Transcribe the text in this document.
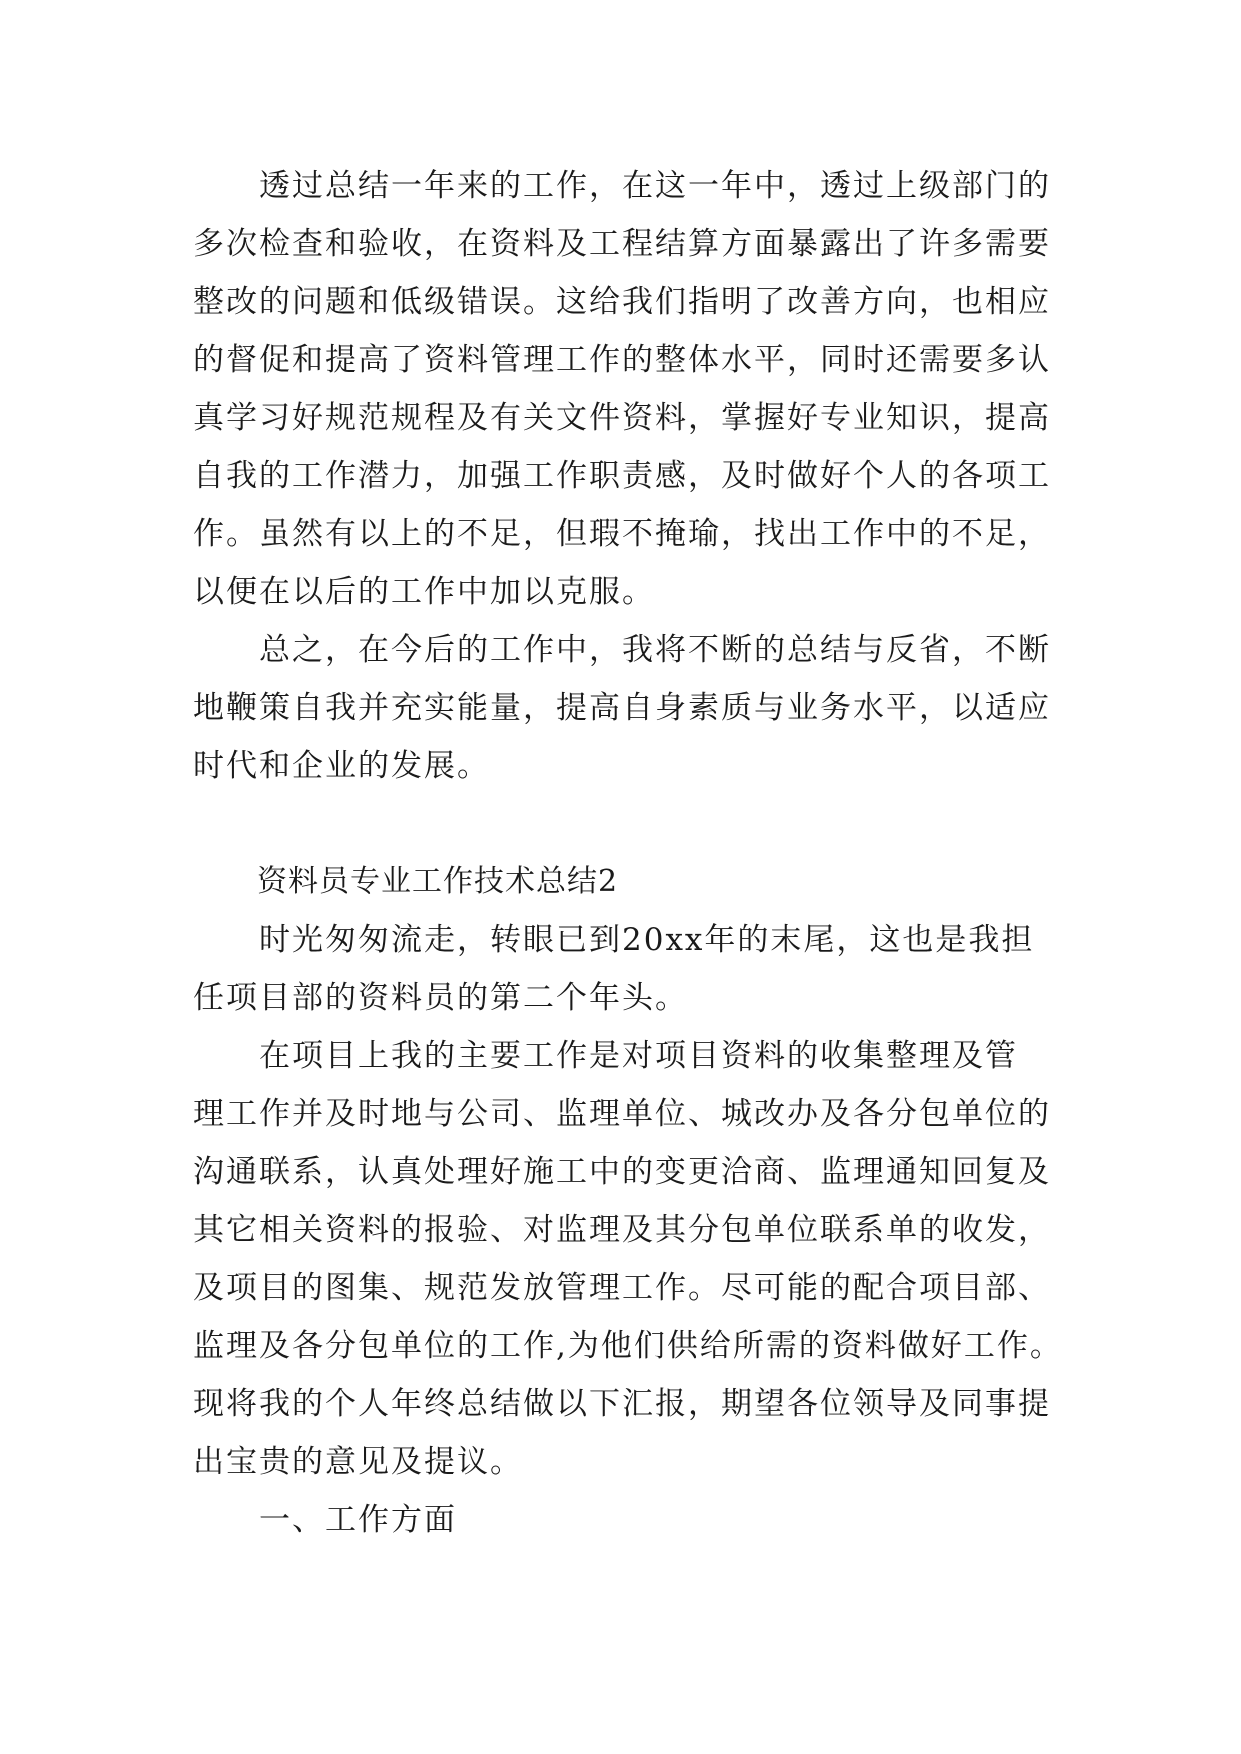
　　透过总结一年来的工作，在这一年中，透过上级部门的

多次检查和验收，在资料及工程结算方面暴露出了许多需要

整改的问题和低级错误。这给我们指明了改善方向，也相应

的督促和提高了资料管理工作的整体水平，同时还需要多认

真学习好规范规程及有关文件资料，掌握好专业知识，提高

自我的工作潜力，加强工作职责感，及时做好个人的各项工

作。虽然有以上的不足，但瑕不掩瑜，找出工作中的不足，

以便在以后的工作中加以克服。

　　总之，在今后的工作中，我将不断的总结与反省，不断

地鞭策自我并充实能量，提高自身素质与业务水平，以适应

时代和企业的发展。

资料员专业工作技术总结2

　　时光匆匆流走，转眼已到20xx年的末尾，这也是我担

任项目部的资料员的第二个年头。

　　在项目上我的主要工作是对项目资料的收集整理及管

理工作并及时地与公司、监理单位、城改办及各分包单位的

沟通联系，认真处理好施工中的变更洽商、监理通知回复及

其它相关资料的报验、对监理及其分包单位联系单的收发，

及项目的图集、规范发放管理工作。尽可能的配合项目部、

监理及各分包单位的工作,为他们供给所需的资料做好工作。

现将我的个人年终总结做以下汇报，期望各位领导及同事提

出宝贵的意见及提议。

　　一、工作方面
